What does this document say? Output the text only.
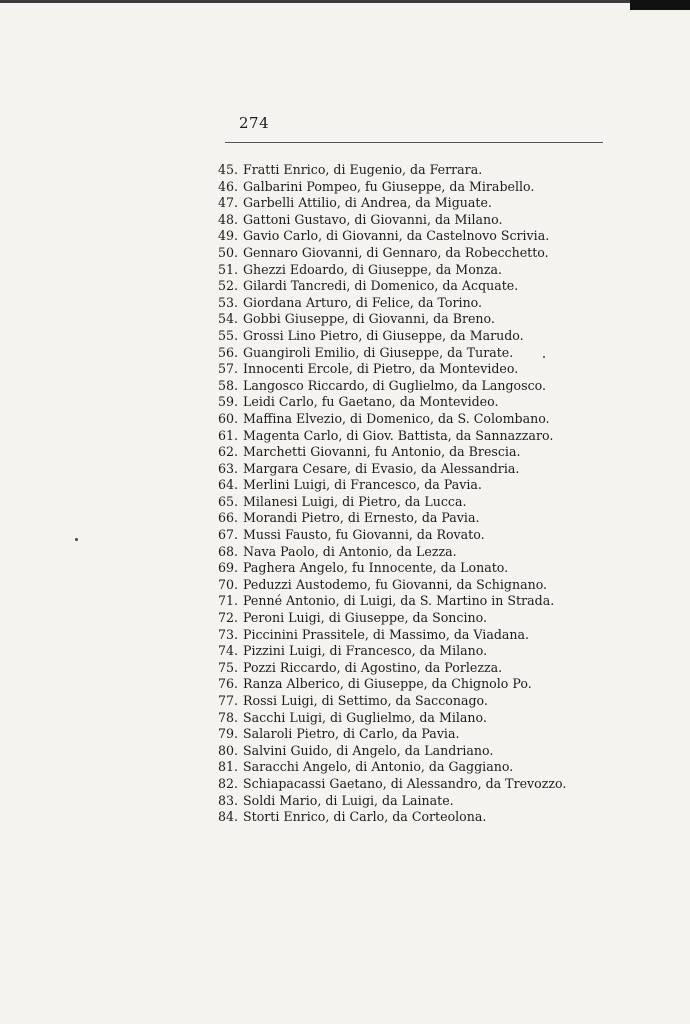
274
45. Fratti Enrico, di Eugenio, da Ferrara.
46. Galbarini Pompeo, fu Giuseppe, da Mirabello.
47. Garbelli Attilio, di Andrea, da Miguate.
48. Gattoni Gustavo, di Giovanni, da Milano.
49. Gavio Carlo, di Giovanni, da Castelnovo Scrivia.
50. Gennaro Giovanni, di Gennaro, da Robecchetto.
51. Ghezzi Edoardo, di Giuseppe, da Monza.
52. Gilardi Tancredi, di Domenico, da Acquate.
53. Giordana Arturo, di Felice, da Torino.
54. Gobbi Giuseppe, di Giovanni, da Breno.
55. Grossi Lino Pietro, di Giuseppe, da Marudo.
56. Guangiroli Emilio, di Giuseppe, da Turate.
57. Innocenti Ercole, di Pietro, da Montevideo.
58. Langosco Riccardo, di Guglielmo, da Langosco.
59. Leidi Carlo, fu Gaetano, da Montevideo.
60. Maffina Elvezio, di Domenico, da S. Colombano.
61. Magenta Carlo, di Giov. Battista, da Sannazzaro.
62. Marchetti Giovanni, fu Antonio, da Brescia.
63. Margara Cesare, di Evasio, da Alessandria.
64. Merlini Luigi, di Francesco, da Pavia.
65. Milanesi Luigi, di Pietro, da Lucca.
66. Morandi Pietro, di Ernesto, da Pavia.
67. Mussi Fausto, fu Giovanni, da Rovato.
68. Nava Paolo, di Antonio, da Lezza.
69. Paghera Angelo, fu Innocente, da Lonato.
70. Peduzzi Austodemo, fu Giovanni, da Schignano.
71. Penné Antonio, di Luigi, da S. Martino in Strada.
72. Peroni Luigi, di Giuseppe, da Soncino.
73. Piccinini Prassitele, di Massimo, da Viadana.
74. Pizzini Luigi, di Francesco, da Milano.
75. Pozzi Riccardo, di Agostino, da Porlezza.
76. Ranza Alberico, di Giuseppe, da Chignolo Po.
77. Rossi Luigi, di Settimo, da Sacconago.
78. Sacchi Luigi, di Guglielmo, da Milano.
79. Salaroli Pietro, di Carlo, da Pavia.
80. Salvini Guido, di Angelo, da Landriano.
81. Saracchi Angelo, di Antonio, da Gaggiano.
82. Schiapacassi Gaetano, di Alessandro, da Trevozzo.
83. Soldi Mario, di Luigi, da Lainate.
84. Storti Enrico, di Carlo, da Corteolona.
